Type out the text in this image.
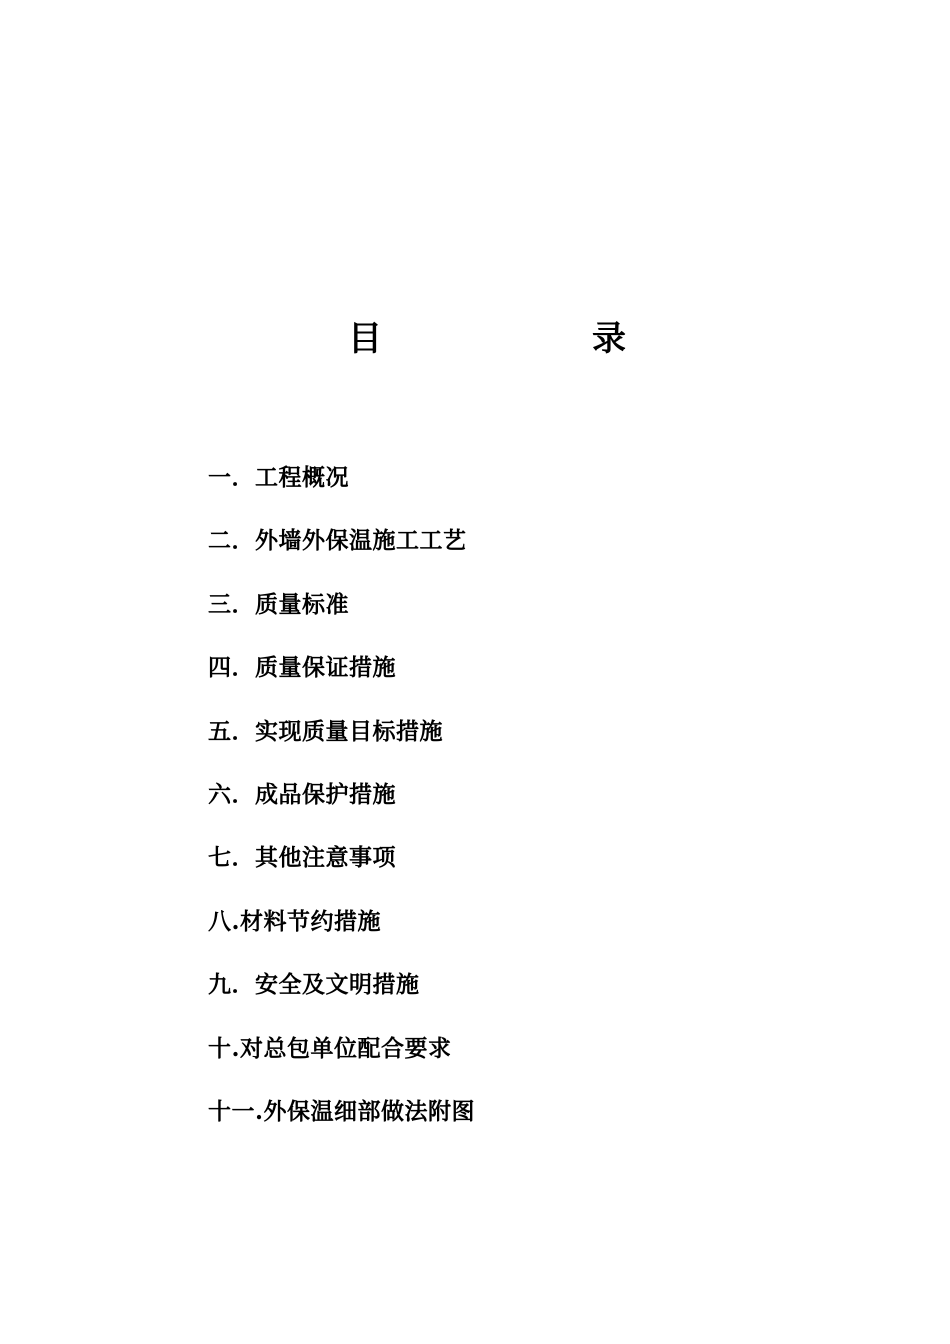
目	录
一．工程概况
二．外墙外保温施工工艺
三．质量标准
四．质量保证措施
五．实现质量目标措施
六．成品保护措施
七．其他注意事项
八.材料节约措施
九．安全及文明措施
十.对总包单位配合要求
十一.外保温细部做法附图
